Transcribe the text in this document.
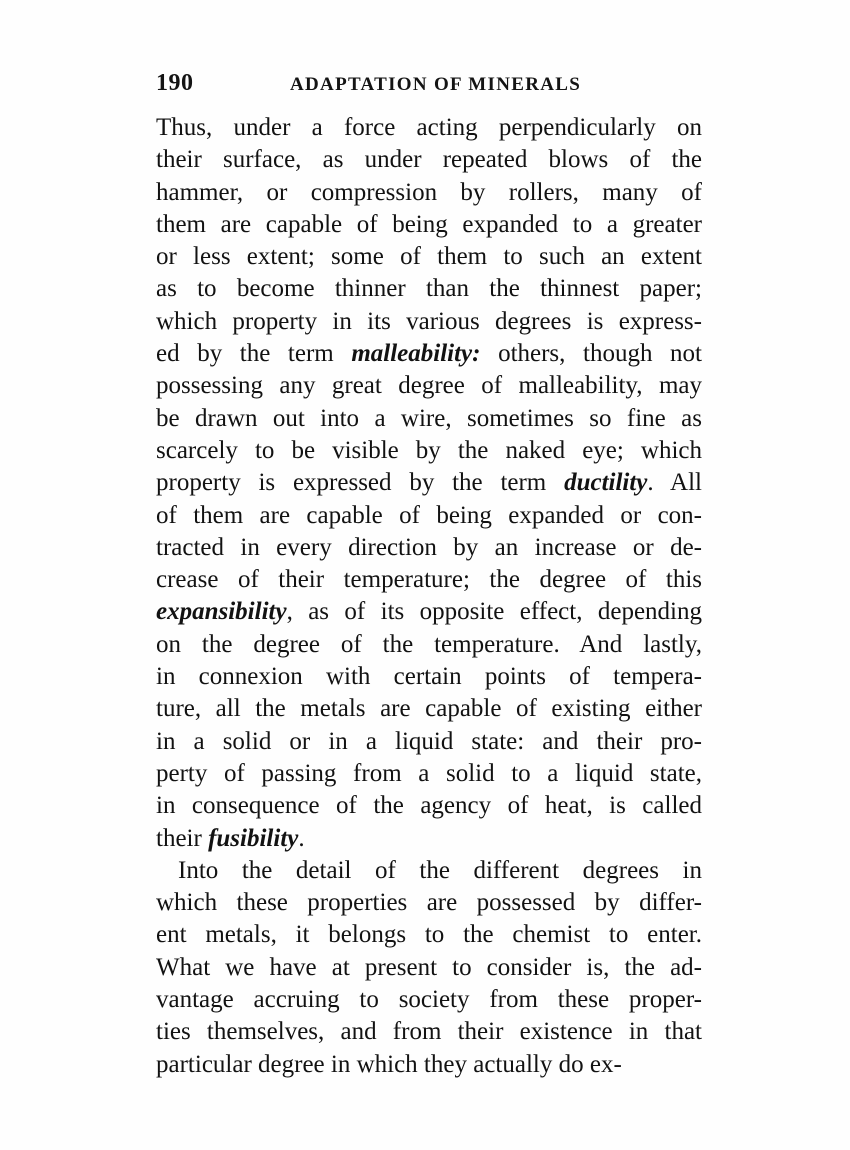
190	ADAPTATION OF MINERALS
Thus, under a force acting perpendicularly on
their surface, as under repeated blows of the
hammer, or compression by rollers, many of
them are capable of being expanded to a greater
or less extent; some of them to such an extent
as to become thinner than the thinnest paper;
which property in its various degrees is express-
ed by the term malleability: others, though not
possessing any great degree of malleability, may
be drawn out into a wire, sometimes so fine as
scarcely to be visible by the naked eye; which
property is expressed by the term ductility. All
of them are capable of being expanded or con-
tracted in every direction by an increase or de-
crease of their temperature; the degree of this
expansibility, as of its opposite effect, depending
on the degree of the temperature. And lastly,
in connexion with certain points of tempera-
ture, all the metals are capable of existing either
in a solid or in a liquid state: and their pro-
perty of passing from a solid to a liquid state,
in consequence of the agency of heat, is called
their fusibility.
Into the detail of the different degrees in
which these properties are possessed by differ-
ent metals, it belongs to the chemist to enter.
What we have at present to consider is, the ad-
vantage accruing to society from these proper-
ties themselves, and from their existence in that
particular degree in which they actually do ex-
